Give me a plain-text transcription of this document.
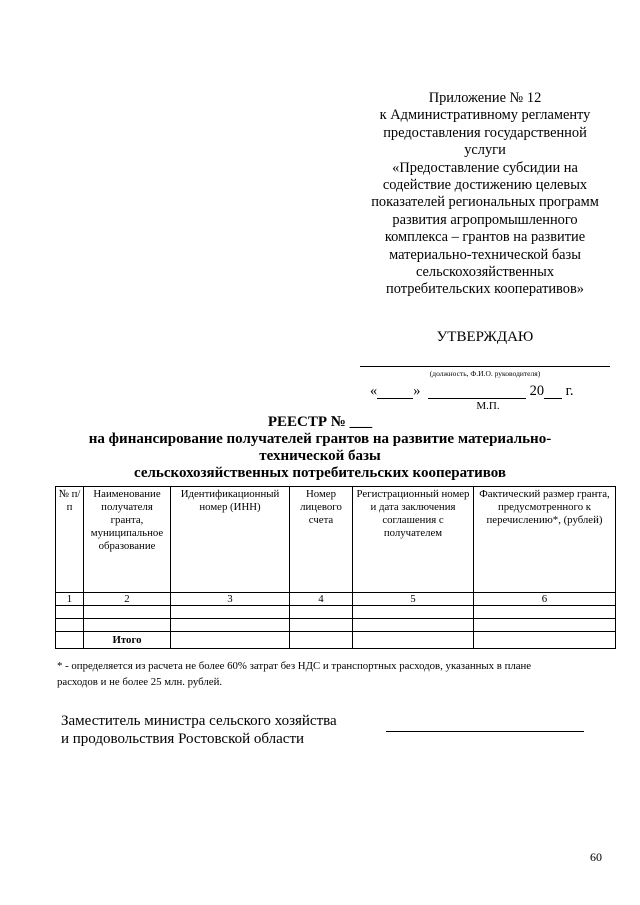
Приложение № 12
к Административному регламенту
предоставления государственной
услуги
«Предоставление субсидии на
содействие достижению целевых
показателей региональных программ
развития агропромышленного
комплекса – грантов на развитие
материально-технической базы
сельскохозяйственных
потребительских кооперативов»
УТВЕРЖДАЮ
(должность, Ф.И.О. руководителя)
«	»	20 г.
М.П.
РЕЕСТР № ___
на финансирование получателей грантов на развитие материально-
технической базы
сельскохозяйственных потребительских кооперативов
№ п/п	Наименование получателя гранта, муниципальное образование	Идентификационный номер (ИНН)	Номер лицевого счета	Регистрационный номер и дата заключения соглашения с получателем	Фактический размер гранта, предусмотренного к перечислению*, (рублей)
1	2	3	4	5	6

	Итого				
* - определяется из расчета не более 60% затрат без НДС и транспортных расходов, указанных в плане
расходов и не более 25 млн. рублей.
Заместитель министра сельского хозяйства
и продовольствия Ростовской области
60
